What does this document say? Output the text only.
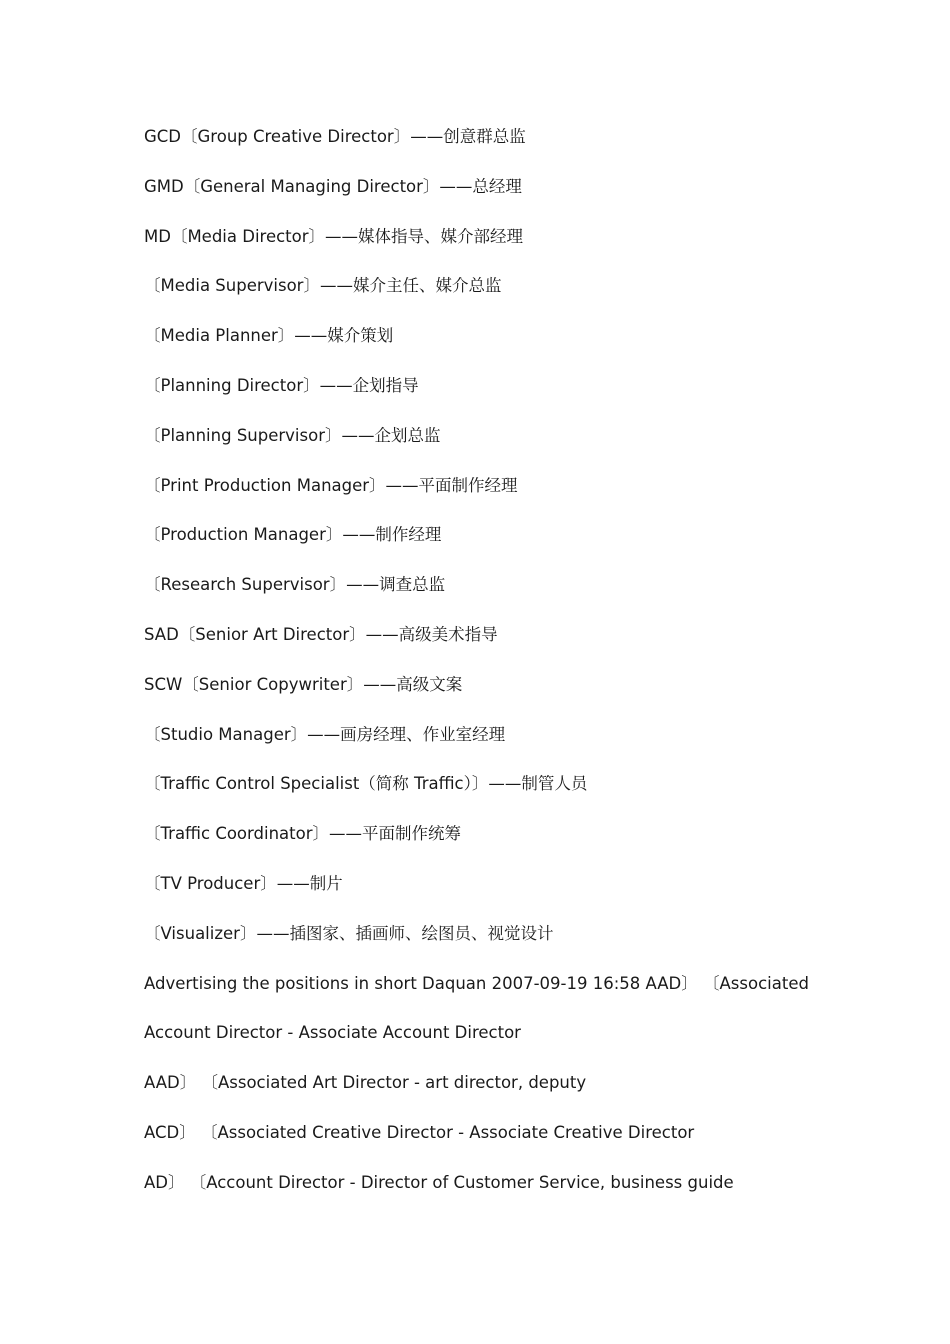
GCD〔Group Creative Director〕——创意群总监
GMD〔General Managing Director〕——总经理
MD〔Media Director〕——媒体指导、媒介部经理
〔Media Supervisor〕——媒介主任、媒介总监
〔Media Planner〕——媒介策划
〔Planning Director〕——企划指导
〔Planning Supervisor〕——企划总监
〔Print Production Manager〕——平面制作经理
〔Production Manager〕——制作经理
〔Research Supervisor〕——调查总监
SAD〔Senior Art Director〕——高级美术指导
SCW〔Senior Copywriter〕——高级文案
〔Studio Manager〕——画房经理、作业室经理
〔Traffic Control Specialist（简称 Traffic）〕——制管人员
〔Traffic Coordinator〕——平面制作统筹
〔TV Producer〕——制片
〔Visualizer〕——插图家、插画师、绘图员、视觉设计
Advertising the positions in short Daquan 2007-09-19 16:58 AAD〕 〔Associated
Account Director - Associate Account Director
AAD〕 〔Associated Art Director - art director, deputy
ACD〕 〔Associated Creative Director - Associate Creative Director
AD〕 〔Account Director - Director of Customer Service, business guide
